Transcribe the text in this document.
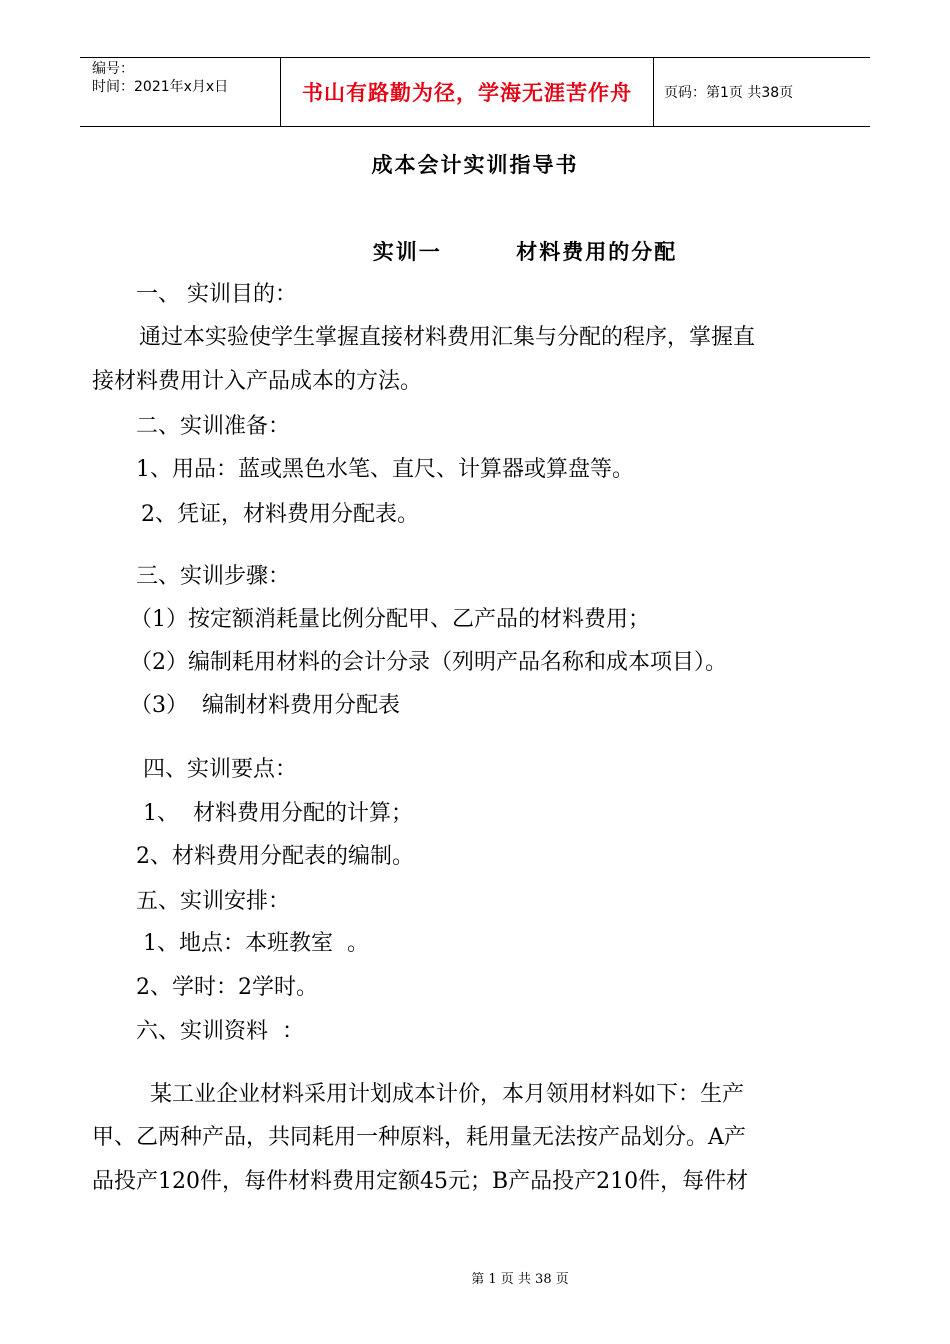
编号：
时间：2021年x月x日	书山有路勤为径，学海无涯苦作舟	页码：第1页 共38页
成本会计实训指导书
实训一        材料费用的分配
一、 实训目的：
通过本实验使学生掌握直接材料费用汇集与分配的程序，掌握直
接材料费用计入产品成本的方法。
二、实训准备：
1、用品：蓝或黑色水笔、直尺、计算器或算盘等。
2、凭证，材料费用分配表。
三、实训步骤：
（1）按定额消耗量比例分配甲、乙产品的材料费用；
（2）编制耗用材料的会计分录（列明产品名称和成本项目）。
（3）  编制材料费用分配表
四、实训要点：
1、  材料费用分配的计算；
2、材料费用分配表的编制。
五、实训安排：
1、地点：本班教室  。
2、学时：2学时。
六、实训资料  ：
某工业企业材料采用计划成本计价，本月领用材料如下：生产
甲、乙两种产品，共同耗用一种原料，耗用量无法按产品划分。A产
品投产120件，每件材料费用定额45元；B产品投产210件，每件材
第 1 页 共 38 页
